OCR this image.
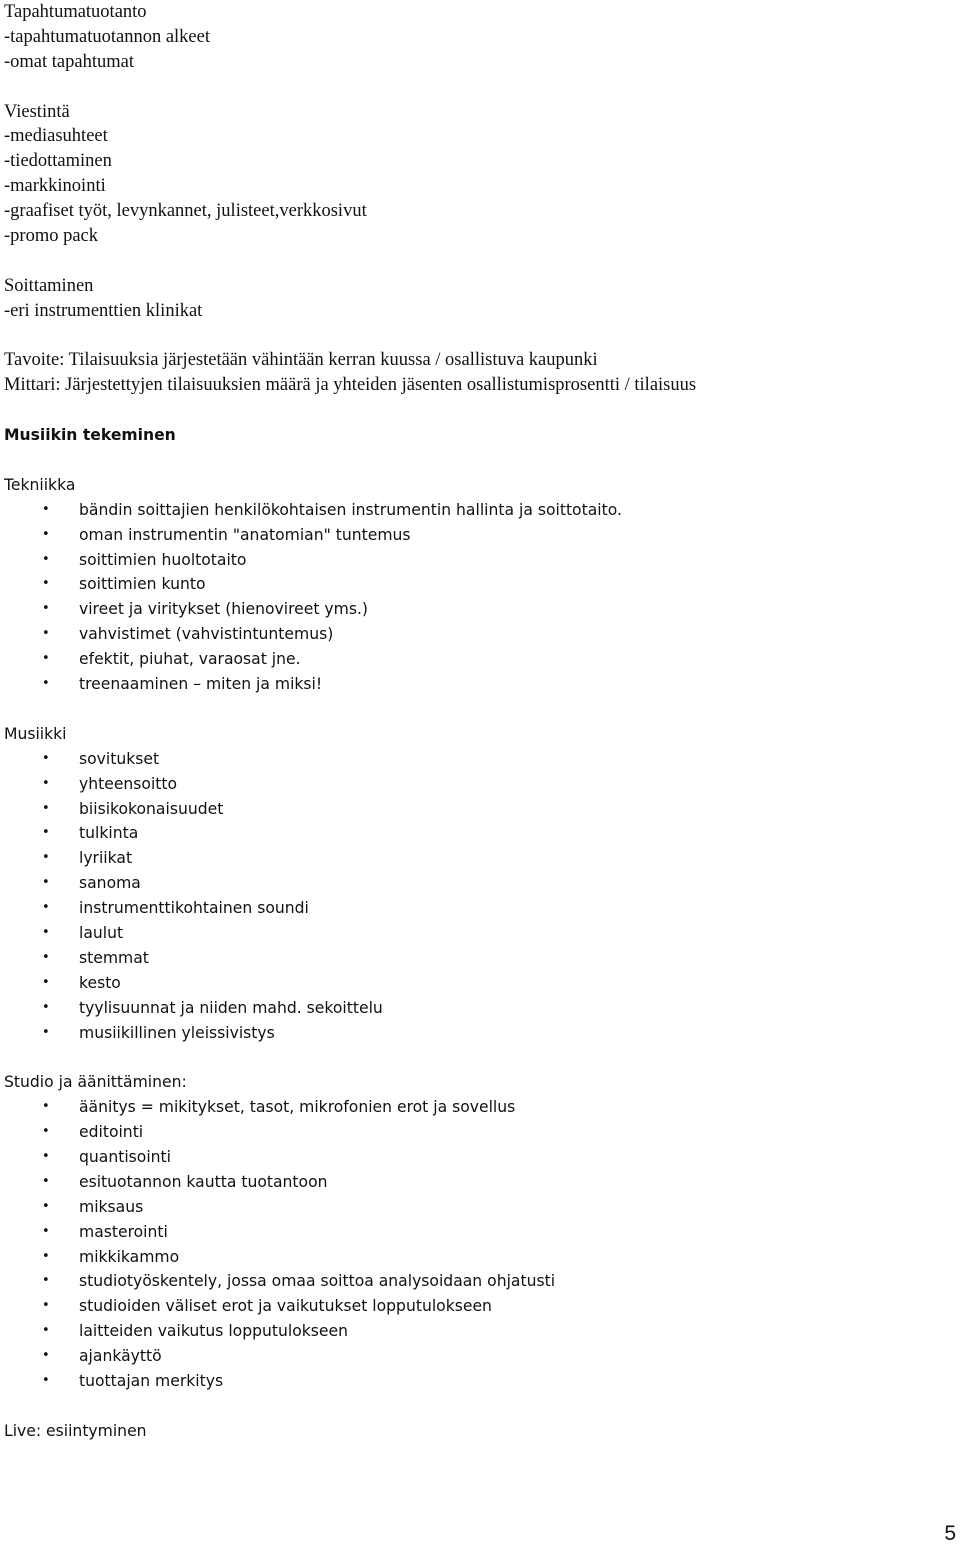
Tapahtumatuotanto
-tapahtumatuotannon alkeet
-omat tapahtumat
Viestintä
-mediasuhteet
-tiedottaminen
-markkinointi
-graafiset työt, levynkannet, julisteet,verkkosivut
-promo pack
Soittaminen
-eri instrumenttien klinikat
Tavoite: Tilaisuuksia järjestetään vähintään kerran kuussa / osallistuva kaupunki
Mittari: Järjestettyjen tilaisuuksien määrä ja yhteiden jäsenten osallistumisprosentti / tilaisuus
Musiikin tekeminen
Tekniikka
• bändin soittajien henkilökohtaisen instrumentin hallinta ja soittotaito.
• oman instrumentin "anatomian" tuntemus
• soittimien huoltotaito
• soittimien kunto
• vireet ja viritykset (hienovireet yms.)
• vahvistimet (vahvistintuntemus)
• efektit, piuhat, varaosat jne.
• treenaaminen – miten ja miksi!
Musiikki
• sovitukset
• yhteensoitto
• biisikokonaisuudet
• tulkinta
• lyriikat
• sanoma
• instrumenttikohtainen soundi
• laulut
• stemmat
• kesto
• tyylisuunnat ja niiden mahd. sekoittelu
• musiikillinen yleissivistys
Studio ja äänittäminen:
• äänitys = mikitykset, tasot, mikrofonien erot ja sovellus
• editointi
• quantisointi
• esituotannon kautta tuotantoon
• miksaus
• masterointi
• mikkikammo
• studiotyöskentely, jossa omaa soittoa analysoidaan ohjatusti
• studioiden väliset erot ja vaikutukset lopputulokseen
• laitteiden vaikutus lopputulokseen
• ajankäyttö
• tuottajan merkitys
Live: esiintyminen
5
